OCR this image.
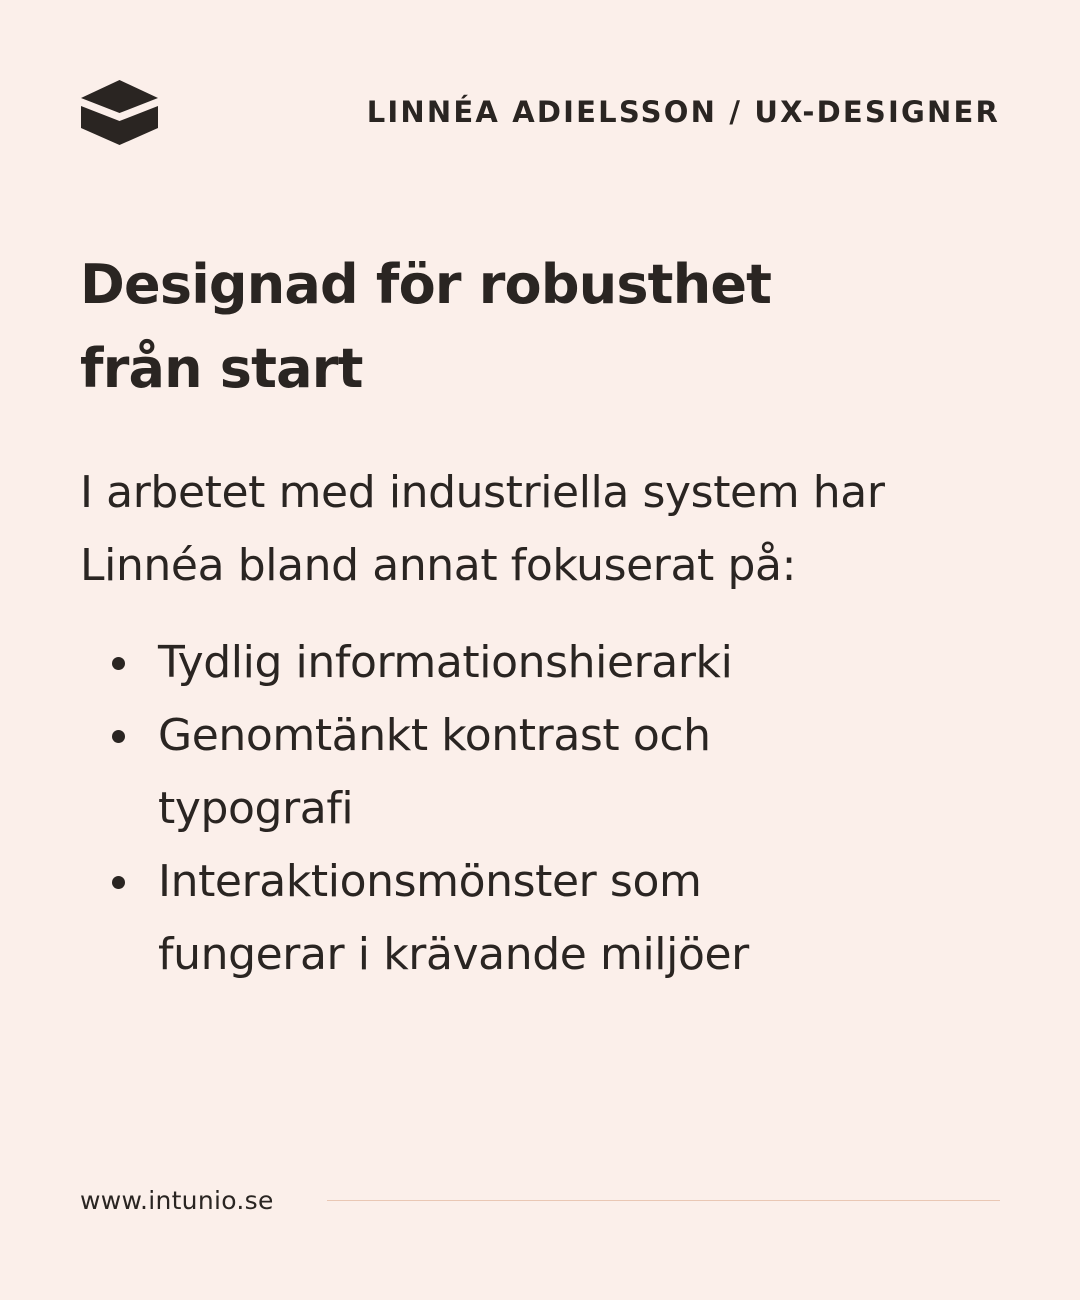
LINNÉA ADIELSSON / UX-DESIGNER
Designad för robusthet
från start

I arbetet med industriella system har
Linnéa bland annat fokuserat på:

Tydlig informationshierarki
Genomtänkt kontrast och
typografi
Interaktionsmönster som
fungerar i krävande miljöer
www.intunio.se
